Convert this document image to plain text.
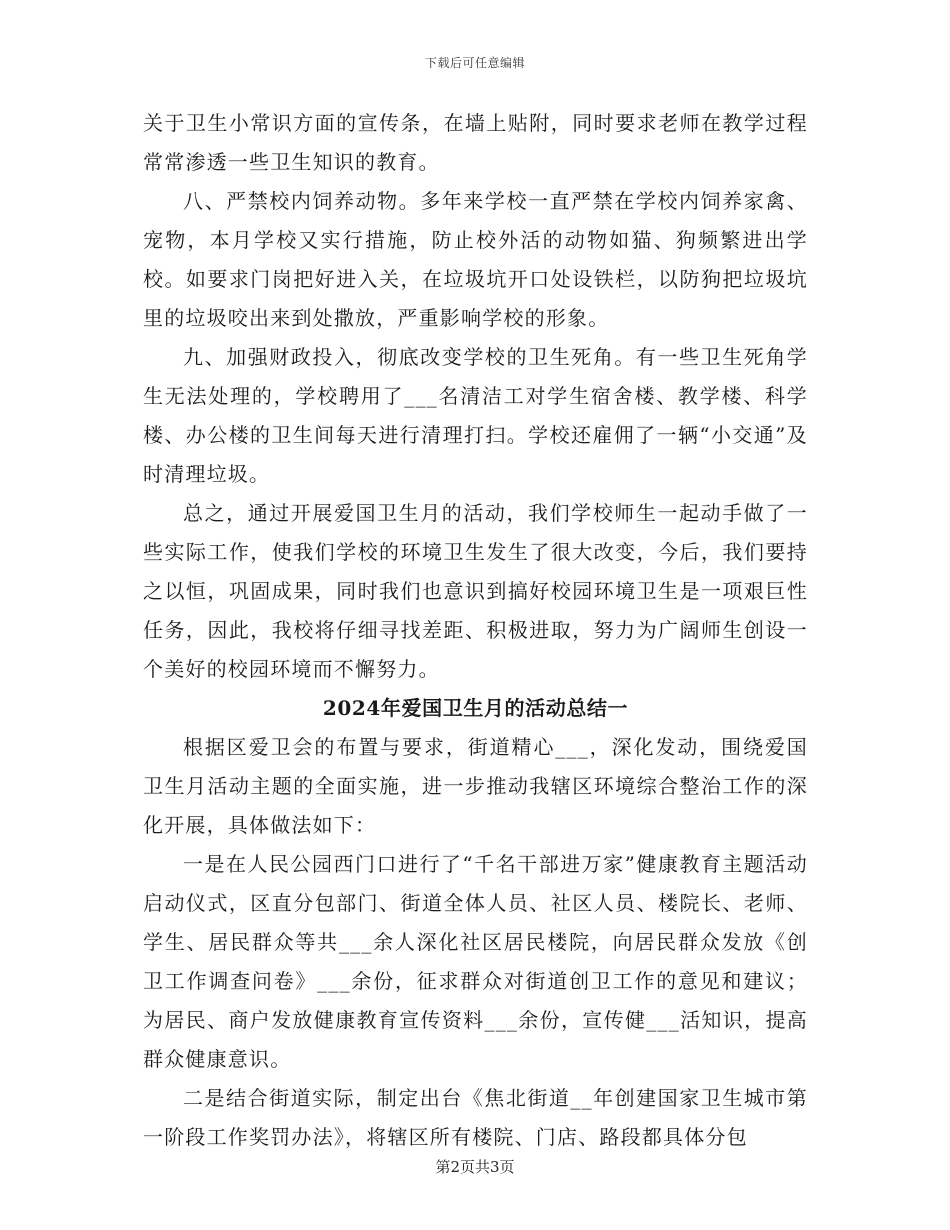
下载后可任意编辑

关于卫生小常识方面的宣传条，在墙上贴附，同时要求老师在教学过程常常渗透一些卫生知识的教育。

八、严禁校内饲养动物。多年来学校一直严禁在学校内饲养家禽、宠物，本月学校又实行措施，防止校外活的动物如猫、狗频繁进出学校。如要求门岗把好进入关，在垃圾坑开口处设铁栏，以防狗把垃圾坑里的垃圾咬出来到处撒放，严重影响学校的形象。

九、加强财政投入，彻底改变学校的卫生死角。有一些卫生死角学生无法处理的，学校聘用了___名清洁工对学生宿舍楼、教学楼、科学楼、办公楼的卫生间每天进行清理打扫。学校还雇佣了一辆“小交通”及时清理垃圾。

总之，通过开展爱国卫生月的活动，我们学校师生一起动手做了一些实际工作，使我们学校的环境卫生发生了很大改变，今后，我们要持之以恒，巩固成果，同时我们也意识到搞好校园环境卫生是一项艰巨性任务，因此，我校将仔细寻找差距、积极进取，努力为广阔师生创设一个美好的校园环境而不懈努力。

2024年爱国卫生月的活动总结一

根据区爱卫会的布置与要求，街道精心___，深化发动，围绕爱国卫生月活动主题的全面实施，进一步推动我辖区环境综合整治工作的深化开展，具体做法如下：

一是在人民公园西门口进行了“千名干部进万家”健康教育主题活动启动仪式，区直分包部门、街道全体人员、社区人员、楼院长、老师、学生、居民群众等共___余人深化社区居民楼院，向居民群众发放《创卫工作调查问卷》___余份，征求群众对街道创卫工作的意见和建议；为居民、商户发放健康教育宣传资料___余份，宣传健___活知识，提高群众健康意识。

二是结合街道实际，制定出台《焦北街道__年创建国家卫生城市第一阶段工作奖罚办法》，将辖区所有楼院、门店、路段都具体分包

第2页共3页
